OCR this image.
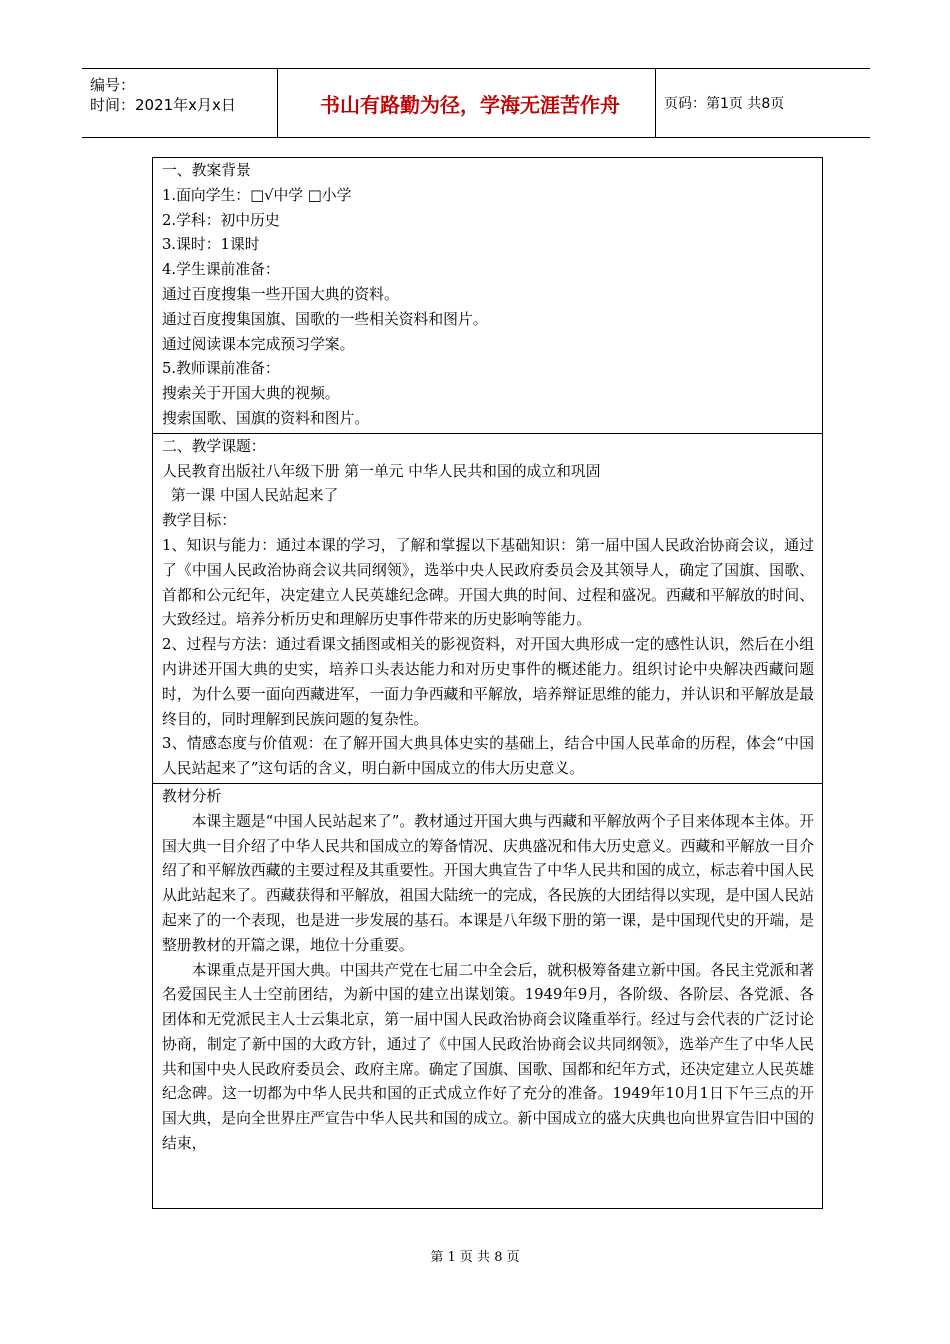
编号：
时间：2021年x月x日	书山有路勤为径，学海无涯苦作舟	页码：第1页 共8页

一、教案背景

1.面向学生：□√中学 □小学

2.学科：初中历史

3.课时：1课时

4.学生课前准备：

通过百度搜集一些开国大典的资料。

通过百度搜集国旗、国歌的一些相关资料和图片。

通过阅读课本完成预习学案。

5.教师课前准备：

搜索关于开国大典的视频。

搜索国歌、国旗的资料和图片。

二、教学课题：

人民教育出版社八年级下册 第一单元 中华人民共和国的成立和巩固

第一课 中国人民站起来了

教学目标：

1、知识与能力：通过本课的学习，了解和掌握以下基础知识：第一届中国人民政治协商会议，通过了《中国人民政治协商会议共同纲领》，选举中央人民政府委员会及其领导人，确定了国旗、国歌、首都和公元纪年，决定建立人民英雄纪念碑。开国大典的时间、过程和盛况。西藏和平解放的时间、大致经过。培养分析历史和理解历史事件带来的历史影响等能力。

2、过程与方法：通过看课文插图或相关的影视资料，对开国大典形成一定的感性认识，然后在小组内讲述开国大典的史实，培养口头表达能力和对历史事件的概述能力。组织讨论中央解决西藏问题时，为什么要一面向西藏进军，一面力争西藏和平解放，培养辩证思维的能力，并认识和平解放是最终目的，同时理解到民族问题的复杂性。

3、情感态度与价值观：在了解开国大典具体史实的基础上，结合中国人民革命的历程，体会“中国人民站起来了”这句话的含义，明白新中国成立的伟大历史意义。

教材分析

本课主题是“中国人民站起来了”。教材通过开国大典与西藏和平解放两个子目来体现本主体。开国大典一目介绍了中华人民共和国成立的筹备情况、庆典盛况和伟大历史意义。西藏和平解放一目介绍了和平解放西藏的主要过程及其重要性。开国大典宣告了中华人民共和国的成立，标志着中国人民从此站起来了。西藏获得和平解放，祖国大陆统一的完成，各民族的大团结得以实现，是中国人民站起来了的一个表现，也是进一步发展的基石。本课是八年级下册的第一课，是中国现代史的开端，是整册教材的开篇之课，地位十分重要。

本课重点是开国大典。中国共产党在七届二中全会后，就积极筹备建立新中国。各民主党派和著名爱国民主人士空前团结，为新中国的建立出谋划策。1949年9月，各阶级、各阶层、各党派、各团体和无党派民主人士云集北京，第一届中国人民政治协商会议隆重举行。经过与会代表的广泛讨论协商，制定了新中国的大政方针，通过了《中国人民政治协商会议共同纲领》，选举产生了中华人民共和国中央人民政府委员会、政府主席。确定了国旗、国歌、国都和纪年方式，还决定建立人民英雄纪念碑。这一切都为中华人民共和国的正式成立作好了充分的准备。1949年10月1日下午三点的开国大典，是向全世界庄严宣告中华人民共和国的成立。新中国成立的盛大庆典也向世界宣告旧中国的结束，

第 1 页 共 8 页
